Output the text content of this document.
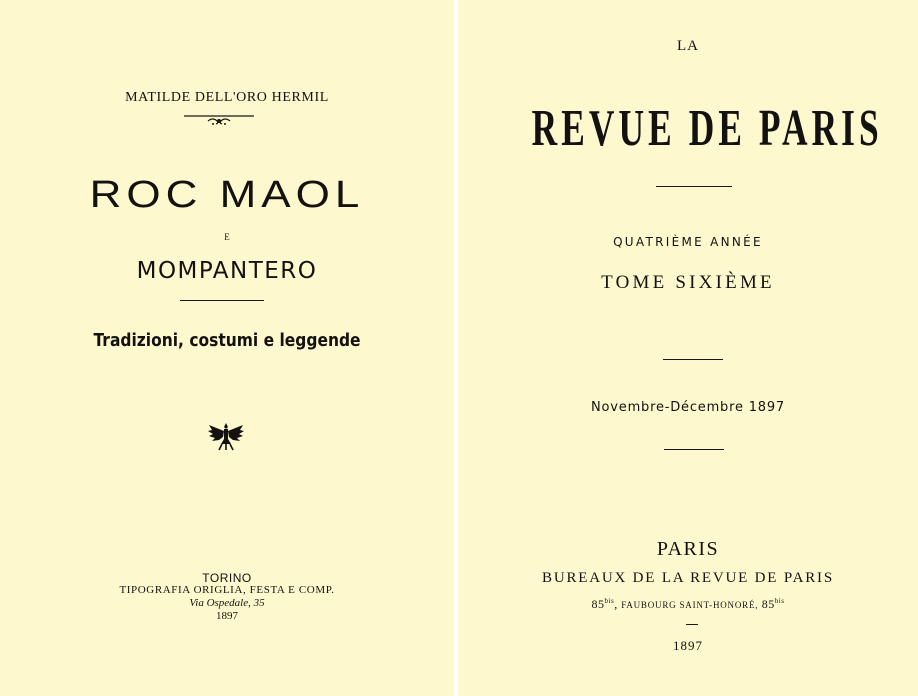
MATILDE DELL'ORO HERMIL
ROC MAOL
E
MOMPANTERO
Tradizioni, costumi e leggende
TORINO
TIPOGRAFIA ORIGLIA, FESTA E COMP.
Via Ospedale, 35
1897
LA
REVUE DE PARIS
QUATRIÈME ANNÉE
TOME SIXIÈME
Novembre-Décembre 1897
PARIS
BUREAUX DE LA REVUE DE PARIS
$85^{bis}$, FAUBOURG SAINT-HONORÉ, $85^{bis}$
1897
